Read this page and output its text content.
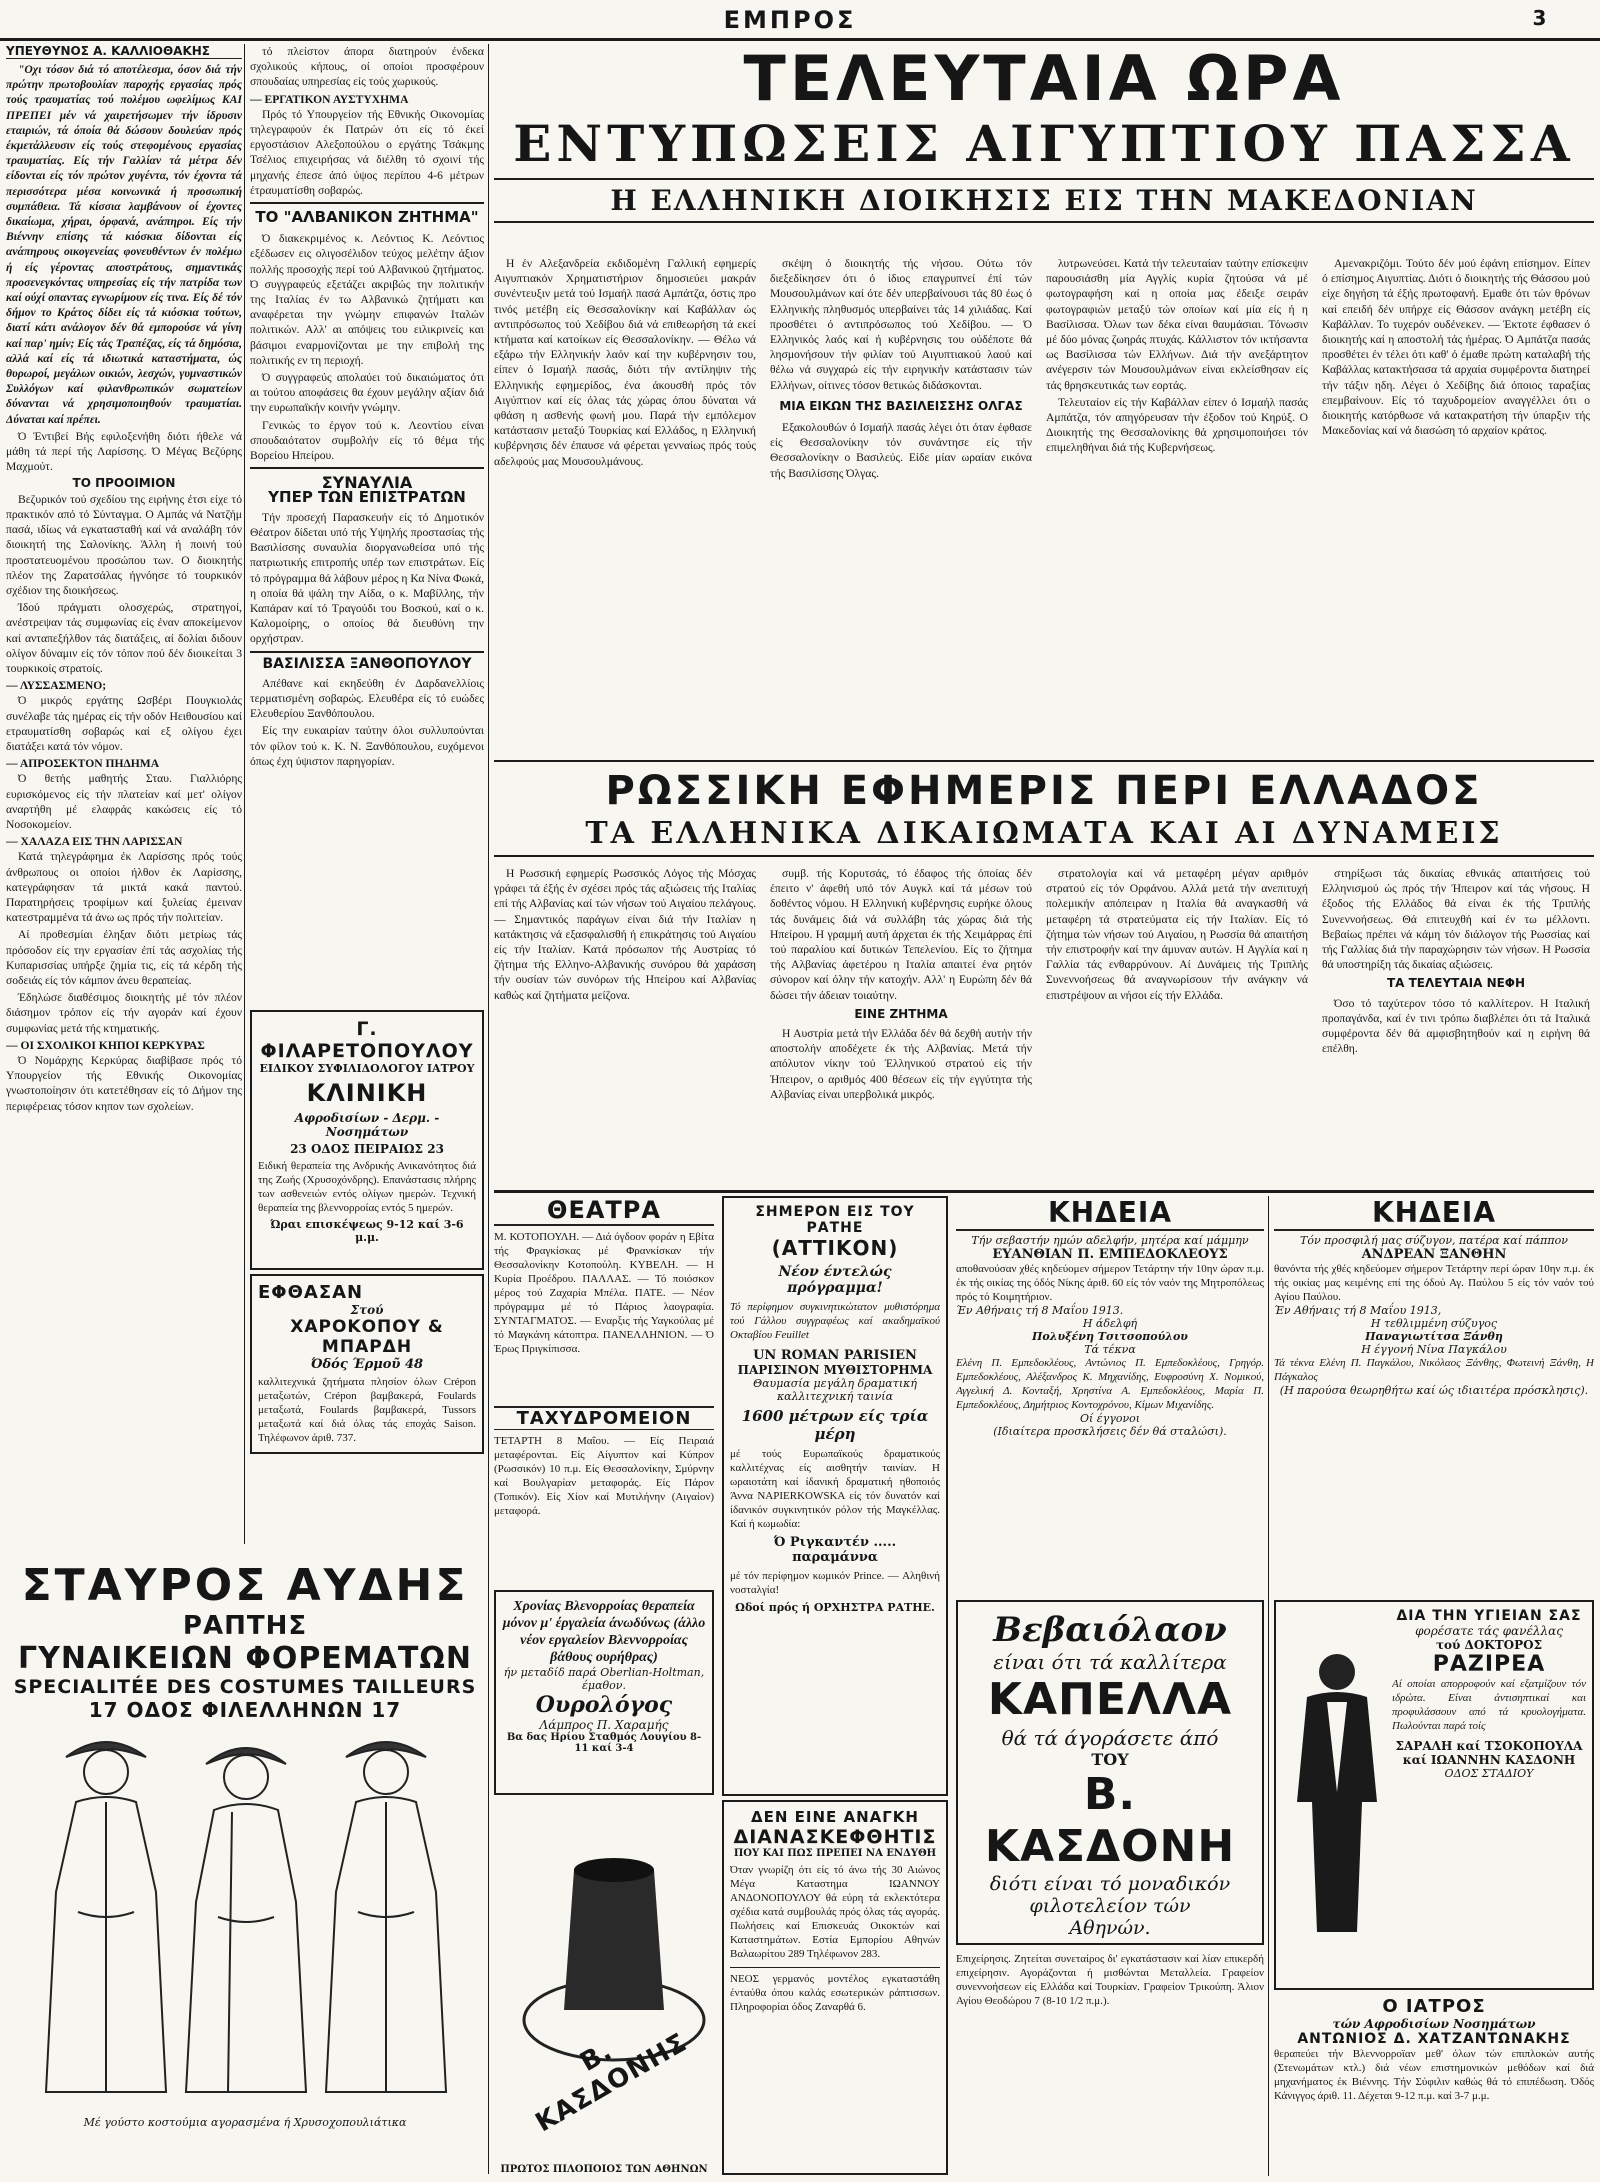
ΕΜΠΡΟΣ	3
ΥΠΕΥΘΥΝΟΣ Α. ΚΑΛΛΙΟΘΑΚΗΣ

"Οχι τόσον διά τό αποτέλεσμα, όσον διά τήν πρώτην πρωτοβουλίαν παροχής εργασίας πρός τούς τραυματίας τού πολέμου ωφελίμως ΚΑΙ ΠΡΕΠΕΙ μέν νά χαιρετήσωμεν τήν ίδρυσιν εταιριών, τά όποία θά δώσουν δουλεύαν πρός έκμετάλλευσιν είς τούς στεφομένους εργασίας τραυματίας. Είς τήν Γαλλίαν τά μέτρα δέν είδονται είς τόν πρώτον χυγέντα, τόν έχοντα τά περισσότερα μέσα κοινωνικά ή προσωπική συμπάθεια. Τά κίσσια λαμβάνουν οί έχοντες δικαίωμα, χήραι, όρφανά, ανάπηροι. Είς τήν Βιέννην επίσης τά κιόσκια δίδονται είς ανάπηρους οικογενείας φονευθέντων έν πολέμω ή είς γέροντας αποστράτους, σημαντικάς προσενεγκόντας υπηρεσίας είς τήν πατρίδα των καί ούχί οπαντας εγνωρίμουν είς τινα. Είς δέ τόν δήμον το Κράτος δίδει είς τά κιόσκια τούτων, διατί κάτι ανάλογον δέν θά εμπορούσε νά γίνη καί παρ' ημίν; Είς τάς Τραπέζας, είς τά δημόσια, αλλά καί είς τά ιδιωτικά καταστήματα, ώς θυρωροί, μεγάλων οικιών, λεσχών, γυμναστικών Συλλόγων καί φιλανθρωπικών σωματείων δύνανται νά χρησιμοποιηθούν τραυματίαι. Δύναται καί πρέπει.

Ό Έντιβεί Βής εφιλοξενήθη διότι ήθελε νά μάθη τά περί τής Λαρίσσης. Ό Μέγας Βεζύρης Μαχμούτ.

ΤΟ ΠΡΟΟΙΜΙΟΝ

Βεζυρικόν τού σχεδίου της ειρήνης έτσι είχε τό πρακτικόν από τό Σύνταγμα. Ο Αμπάς νά Νατζήμ πασά, ιδίως νά εγκατασταθή καί νά αναλάβη τόν διοικητή της Σαλονίκης. Άλλη ή ποινή τού προστατευομένου προσώπου των. Ο διοικητής πλέον της Ζαρατσάλας ήγνόησε τό τουρκικόν σχέδιον της διοικήσεως.

Ίδού πράγματι ολοσχερώς, στρατηγοί, ανέστρεψαν τάς συμφωνίας είς έναν αποκείμενον καί ανταπεξήλθον τάς διατάξεις, αί δολίαι διδουν ολίγον δύναμιν είς τόν τόπον πού δέν διοικείται 3 τουρκικοίς στρατοίς.

— ΛΥΣΣΑΣΜΕΝΟ;

Ό μικρός εργάτης Ωσβέρι Πουγκιολάς συνέλαβε τάς ημέρας είς τήν οδόν Ηειθουσίου καί ετραυματίσθη σοβαρώς καί εξ ολίγου έχει διατάξει κατά τόν νόμον.

— ΑΠΡΟΣΕΚΤΟΝ ΠΗΔΗΜΑ

Ό θετής μαθητής Σταυ. Γιαλλιόρης ευρισκόμενος είς τήν πλατείαν καί μετ' ολίγον αναρτήθη μέ ελαφράς κακώσεις είς τό Νοσοκομείον.

— ΧΑΛΑΖΑ ΕΙΣ ΤΗΝ ΛΑΡΙΣΣΑΝ

Κατά τηλεγράφημα έκ Λαρίσσης πρός τούς άνθρωπους οι οποίοι ήλθον έκ Λαρίσσης, κατεγράφησαν τά μικτά κακά παντού. Παρατηρήσεις τροφίμων καί ξυλείας έμειναν κατεστραμμένα τά άνω ως πρός τήν πολιτείαν.

Αί προθεσμίαι έληξαν διότι μετρίως τάς πρόσοδον είς την εργασίαν έπί τάς ασχολίας τής Κυπαρισσίας υπήρξε ζημία τις, είς τά κέρδη τής σοδειάς είς τόν κάμπον άνευ θεραπείας.

Έδηλώσε διαθέσιμος διοικητής μέ τόν πλέον διάσημον τρόπον είς τήν αγοράν καί έχουν συμφωνίας μετά τής κτηματικής.

— ΟΙ ΣΧΟΛΙΚΟΙ ΚΗΠΟΙ ΚΕΡΚΥΡΑΣ

Ό Νομάρχης Κερκύρας διαβίβασε πρός τό Υπουργείον τής Εθνικής Οικονομίας γνωστοποίησιν ότι κατετέθησαν είς τό Δήμον της περιφέρειας τόσον κηπον των σχολείων.

τό πλείστον άπορα διατηρούν ένδεκα σχολικούς κήπους, οί οποίοι προσφέρουν σπουδαίας υπηρεσίας είς τούς χωρικούς.

— ΕΡΓΑΤΙΚΟΝ ΑΥΣΤΥΧΗΜΑ

Πρός τό Υπουργείον τής Εθνικής Οικονομίας τηλεγραφούν έκ Πατρών ότι είς τό έκεί εργοστάσιον Αλεξοπούλου ο εργάτης Τσάκμης Τσέλιος επιχειρήσας νά διέλθη τό σχοινί τής μηχανής έπεσε άπό ύψος περίπου 4-6 μέτρων έτραυματίσθη σοβαρώς.

ΤΟ "ΑΛΒΑΝΙΚΟΝ ΖΗΤΗΜΑ"

Ό διακεκριμένος κ. Λεόντιος Κ. Λεόντιος εξέδωσεν εις ολιγοσέλιδον τεύχος μελέτην άξιον πολλής προσοχής περί τού Αλβανικού ζητήματος. Ό συγγραφεύς εξετάζει ακριβώς την πολιτικήν της Ιταλίας έν τω Αλβανικώ ζητήματι και αναφέρεται την γνώμην επιφανών Ιταλών πολιτικών. Αλλ' αι απόψεις του ειλικρινείς και βάσιμοι εναρμονίζονται με την επιβολή της πολιτικής εν τη περιοχή.

Ό συγγραφεύς απολαύει τού δικαιώματος ότι αι τούτου αποφάσεις θα έχουν μεγάλην αξίαν διά την ευρωπαϊκήν κοινήν γνώμην.

Γενικώς το έργον τού κ. Λεοντίου είναι σπουδαιότατον συμβολήν είς τό θέμα τής Βορείου Ηπείρου.

ΣΥΝΑΥΛΙΑ
ΥΠΕΡ ΤΩΝ ΕΠΙΣΤΡΑΤΩΝ

Τήν προσεχή Παρασκευήν είς τό Δημοτικόν Θέατρον δίδεται υπό τής Υψηλής προστασίας τής Βασιλίσσης συναυλία διοργανωθείσα υπό τής πατριωτικής επιτροπής υπέρ των επιστράτων. Είς τό πρόγραμμα θά λάβουν μέρος η Κα Νίνα Φωκά, η οποία θά ψάλη την Αίδα, ο κ. Μαβίλλης, τήν Καπάραν καί τό Τραγούδι του Βοσκού, καί ο κ. Καλομοίρης, ο οποίος θά διευθύνη την ορχήστραν.

ΒΑΣΙΛΙΣΣΑ ΞΑΝΘΟΠΟΥΛΟΥ

Απέθανε καί εκηδεύθη έν Δαρδανελλίοις τερματισμένη σοβαρώς. Ελευθέρα είς τό ευώδες Ελευθερίου Ξανθόπουλου.

Είς την ευκαιρίαν ταύτην όλοι συλλυπούνται τόν φίλον τού κ. Κ. Ν. Ξανθόπουλου, ευχόμενοι όπως έχη ύψιστον παρηγορίαν.

Γ. ΦΙΛΑΡΕΤΟΠΟΥΛΟΥ
ΕΙΔΙΚΟΥ ΣΥΦΙΛΙΔΟΛΟΓΟΥ ΙΑΤΡΟΥ
ΚΛΙΝΙΚΗ
Αφροδισίων - Δερμ. - Νοσημάτων
23 ΟΔΟΣ ΠΕΙΡΑΙΩΣ 23
Ειδική θεραπεία της Ανδρικής Ανικανότητος διά της Ζωής (Χρυσοχόνδρης). Επανάστασις πλήρης των ασθενειών εντός ολίγων ημερών. Τεχνική θεραπεία της βλεννορροίας εντός 5 ημερών.
Ώραι επισκέψεως 9-12 καί 3-6 μ.μ.
ΕΦΘΑΣΑΝ
Στού
ΧΑΡΟΚΟΠΟΥ & ΜΠΑΡΔΗ
Όδός Έρμοῦ 48
καλλιτεχνικά ζητήματα πλησίον όλων Crépon μεταξωτών, Crépon βαμβακερά, Foulards μεταξωτά, Foulards βαμβακερά, Tussors μεταξωτά καί διά όλας τάς εποχάς Saison. Τηλέφωνον άριθ. 737.
ΣΤΑΥΡΟΣ ΑΥΔΗΣ
ΡΑΠΤΗΣ
ΓΥΝΑΙΚΕΙΩΝ ΦΟΡΕΜΑΤΩΝ
SPECIALITÉE DES COSTUMES TAILLEURS
17 ΟΔΟΣ ΦΙΛΕΛΛΗΝΩΝ 17
Μέ γούστο κοστούμια αγορασμένα ή Χρυσοχοπουλιάτικα
ΤΕΛΕΥΤΑΙΑ ΩΡΑ
ΕΝΤΥΠΩΣΕΙΣ ΑΙΓΥΠΤΙΟΥ ΠΑΣΣΑ
Η ΕΛΛΗΝΙΚΗ ΔΙΟΙΚΗΣΙΣ ΕΙΣ ΤΗΝ ΜΑΚΕΔΟΝΙΑΝ

Η έν Αλεξανδρεία εκδιδομένη Γαλλική εφημερίς Αιγυπτιακόν Χρηματιστήριον δημοσιεύει μακράν συνέντευξιν μετά τού Ισμαήλ πασά Αμπάτζα, όστις προ τινός μετέβη είς Θεσσαλονίκην καί Καβάλλαν ώς αντιπρόσωπος τού Χεδίβου διά νά επιθεωρήση τά εκεί κτήματα καί κατοίκων είς Θεσσαλονίκην. — Θέλω νά εξάρω τήν Ελληνικήν λαόν καί την κυβέρνησιν του, είπεν ό Ισμαήλ πασάς, διότι τήν αντίληψιν τής Ελληνικής εφημερίδος, ένα άκουσθή πρός τόν Αιγύπτιον καί είς όλας τάς χώρας όπου δύναται νά φθάση η ασθενής φωνή μου. Παρά τήν εμπόλεμον κατάστασιν μεταξύ Τουρκίας καί Ελλάδος, η Ελληνική κυβέρνησις δέν έπαυσε νά φέρεται γενναίως πρός τούς αδελφούς μας Μουσουλμάνους.

σκέψη ό διοικητής τής νήσου. Ούτω τόν διεξεδίκησεν ότι ό ίδιος επαγρυπνεί έπί τών Μουσουλμάνων καί ότε δέν υπερβαίνουσι τάς 80 έως ό Ελληνικής πληθυσμός υπερβαίνει τάς 14 χιλιάδας. Καί προσθέτει ό αντιπρόσωπος τού Χεδίβου. — Ό Ελληνικός λαός καί ή κυβέρνησις του ούδέποτε θά λησμονήσουν τήν φιλίαν τού Αιγυπτιακού λαού καί θέλω νά συγχαρώ είς τήν ειρηνικήν κατάστασιν τών Ελλήνων, οίτινες τόσον θετικώς διδάσκονται.

ΜΙΑ ΕΙΚΩΝ ΤΗΣ ΒΑΣΙΛΕΙΣΣΗΣ ΟΛΓΑΣ

Εξακολουθών ό Ισμαήλ πασάς λέγει ότι όταν έφθασε είς Θεσσαλονίκην τόν συνάντησε είς τήν Θεσσαλονίκην ο Βασιλεύς. Είδε μίαν ωραίαν εικόνα τής Βασιλίσσης Όλγας.

λυτρωνεύσει. Κατά τήν τελευταίαν ταύτην επίσκεψιν παρουσιάσθη μία Αγγλίς κυρία ζητούσα νά μέ φωτογραφήση καί η οποία μας έδειξε σειράν φωτογραφιών μεταξύ τών οποίων καί μία είς ή η Βασίλισσα. Όλων των δέκα είναι θαυμάσιαι. Τόνωσιν μέ δύο μόνας ζωηράς πτυχάς. Κάλλιστον τόν ικτήσαντα ως Βασίλισσα τών Ελλήνων. Διά τήν ανεξάρτητον ανέγερσιν τών Μουσουλμάνων είναι εκλείσθησαν είς τάς θρησκευτικάς των εορτάς.

Τελευταίον είς τήν Καβάλλαν είπεν ό Ισμαήλ πασάς Αμπάτζα, τόν απηγόρευσαν τήν έξοδον τού Κηρύξ. Ο Διοικητής της Θεσσαλονίκης θά χρησιμοποιήσει τόν επιμεληθήναι διά τής Κυβερνήσεως.

Αμενακριζόμι. Τούτο δέν μού έφάνη επίσημον. Είπεν ό επίσημος Αιγυπτίας. Διότι ό διοικητής τής Θάσσου μού είχε δηγήση τά έξής πρωτοφανή. Εμαθε ότι τών θρόνων καί επειδή δέν υπήρχε είς Θάσσον ανάγκη μετέβη είς Καβάλλαν. Το τυχερόν ουδένεκεν. — Έκτοτε έφθασεν ό διοικητής καί η αποστολή τάς ήμέρας. Ό Αμπάτζα πασάς προσθέτει έν τέλει ότι καθ' ό έμαθε πρώτη καταλαβή τής Καβάλλας κατακτήσασα τά αρχαία συμφέροντα διατηρεί τήν τάξιν ηδη. Λέγει ό Χεδίβης διά όποιος ταραξίας επεμβαίνουν. Είς τό ταχυδρομείον αναγγέλλει ότι ο διοικητής κατόρθωσε νά κατακρατήση τήν ύπαρξιν τής Μακεδονίας καί νά διασώση τό αρχαίον κράτος.

ΡΩΣΣΙΚΗ ΕΦΗΜΕΡΙΣ ΠΕΡΙ ΕΛΛΑΔΟΣ
ΤΑ ΕΛΛΗΝΙΚΑ ΔΙΚΑΙΩΜΑΤΑ ΚΑΙ ΑΙ ΔΥΝΑΜΕΙΣ

Η Ρωσσική εφημερίς Ρωσσικός Λόγος τής Μόσχας γράφει τά έξής έν σχέσει πρός τάς αξιώσεις τής Ιταλίας επί τής Αλβανίας καί τών νήσων τού Αιγαίου πελάγους. — Σημαντικός παράγων είναι διά τήν Ιταλίαν η κατάκτησις νά εξασφαλισθή ή επικράτησις τού Αιγαίου είς τήν Ιταλίαν. Κατά πρόσωπον τής Αυστρίας τό ζήτημα τής Ελληνο-Αλβανικής συνόρου θά χαράσση τήν ουσίαν τών συνόρων τής Ηπείρου καί Αλβανίας καθώς καί ζητήματα μείζονα.

συμβ. τής Κορυτσάς, τό έδαφος τής όποίας δέν έπειτο ν' άφεθή υπό τόν Αυγκλ καί τά μέσων τού δοθέντος νόμου. Η Ελληνική κυβέρνησις ευρήκε όλους τάς δυνάμεις διά νά συλλάβη τάς χώρας διά τής Ηπείρου. Η γραμμή αυτή άρχεται έκ τής Χειμάρρας έπί τού παραλίου καί δυτικών Τεπελενίου. Είς το ζήτημα τής Αλβανίας άφετέρου η Ιταλία απαιτεί ένα ρητόν σύνορον καί όλην τήν κατοχήν. Αλλ' η Ευρώπη δέν θά δώσει τήν άδειαν τοιαύτην.

ΕΙΝΕ ΖΗΤΗΜΑ

Η Αυστρία μετά τήν Ελλάδα δέν θά δεχθή αυτήν τήν αποστολήν αποδέχετε έκ τής Αλβανίας. Μετά τήν απόλυτον νίκην τού Έλληνικού στρατού είς τήν Ήπειρον, ο αριθμός 400 θέσεων είς τήν εγγύτητα τής Αλβανίας είναι υπερβολικά μικρός.

στρατολογία καί νά μεταφέρη μέγαν αριθμόν στρατού είς τόν Ορφάνου. Αλλά μετά τήν ανεπιτυχή πολεμικήν απόπειραν η Ιταλία θά αναγκασθή νά μεταφέρη τά στρατεύματα είς τήν Ιταλίαν. Είς τό ζήτημα τών νήσων τού Αιγαίου, η Ρωσσία θά απαιτήση τήν επιστροφήν καί την άμυναν αυτών. Η Αγγλία καί η Γαλλία τάς ενθαρρύνουν. Αί Δυνάμεις τής Τριπλής Συνεννοήσεως θά αναγνωρίσουν τήν ανάγκην νά επιστρέψουν αι νήσοι είς τήν Ελλάδα.

στηρίξωσι τάς δικαίας εθνικάς απαιτήσεις τού Ελληνισμού ώς πρός τήν Ήπειρον καί τάς νήσους. Η έξοδος τής Ελλάδος θά είναι έκ τής Τριπλής Συνεννοήσεως. Θά επιτευχθή καί έν τω μέλλοντι. Βεβαίως πρέπει νά κάμη τόν διάλογον τής Ρωσσίας καί τής Γαλλίας διά τήν παραχώρησιν τών νήσων. Η Ρωσσία θά υποστηρίξη τάς δικαίας αξιώσεις.

ΤΑ ΤΕΛΕΥΤΑΙΑ ΝΕΦΗ

Όσο τό ταχύτερον τόσο τό καλλίτερον. Η Ιταλική προπαγάνδα, καί έν τινι τρόπω διαβλέπει ότι τά Ιταλικά συμφέροντα δέν θά αμφισβητηθούν καί η ειρήνη θά επέλθη.

ΘΕΑΤΡΑ
Μ. ΚΟΤΟΠΟΥΛΗ. — Διά όγδοον φοράν η Εβίτα τής Φραγκίσκας μέ Φρανκίσκαν τήν Θεσσαλονίκην Κοτοπούλη. ΚΥΒΕΛΗ. — Η Κυρία Προέδρου. ΠΑΛΛΑΣ. — Τό ποιόσκον μέρος τού Ζαχαρία Μπέλα. ΠΑΤΕ. — Νέον πρόγραμμα μέ τό Πάριος λαογραφία. ΣΥΝΤΑΓΜΑΤΟΣ. — Εναρξις τής Υαγκούλας μέ τό Μαγκάνη κάτοπτρα. ΠΑΝΕΛΛΗΝΙΟΝ. — Ό Έρως Πριγκίπισσα.
ΤΑΧΥΔΡΟΜΕΙΟΝ
ΤΕΤΑΡΤΗ 8 Μαΐου. — Είς Πειραιά μεταφέρονται. Είς Αίγυπτον καί Κύπρον (Ρωσσικόν) 10 π.μ. Είς Θεσσαλονίκην, Σμύρνην καί Βουλγαρίαν μεταφοράς. Είς Πάρον (Τοπικόν). Είς Χίον καί Μυτιλήνην (Αιγαίον) μεταφορά.
ΣΗΜΕΡΟΝ ΕΙΣ ΤΟΥ ΡΑΤΗΕ
(ΑΤΤΙΚΟΝ)
Νέον έντελώς πρόγραμμα!
Τό περίφημον συγκινητικώτατον μυθιστόρημα τού Γάλλου συγγραφέως καί ακαδημαϊκού Οκταβίου Feuillet
UN ROMAN PARISIEN
ΠΑΡΙΣΙΝΟΝ ΜΥΘΙΣΤΟΡΗΜΑ
Θαυμασία μεγάλη δραματική καλλιτεχνική ταινία
1600 μέτρων είς τρία μέρη
μέ τούς Ευρωπαϊκούς δραματικούς καλλιτέχνας είς αισθητήν ταινίαν. Η ωραιοτάτη καί ίδανική δραματική ηθοποιός Άννα NAPIERKOWSKA είς τόν δυνατόν καί ίδανικόν συγκινητικόν ρόλον τής Μαγκέλλας. Καί ή κωμωδία:
Ό Ριγκαντέν ..... παραμάννα
μέ τόν περίφημον κωμικόν Prince. — Αληθινή νοσταλγία!
Ωδοί πρός ή ΟΡΧΗΣΤΡΑ ΡΑΤΗΕ.
Χρονίας Βλενορροίας θεραπεία μόνον μ' έργαλεία άνωδύνως (άλλο νέον εργαλείον Βλεννορροίας βάθους ουρήθρας)
ήν μεταδίδ παρά Oberlian-Holtman, έμαθον.
Ουρολόγος
Λάμπρος Π. Χαραμής
Βα δας Ηρίου Σταθμός Λουγίου 8-11 καί 3-4
Β. ΚΑΣΔΟΝΗΣ
ΠΡΩΤΟΣ ΠΙΛΟΠΟΙΟΣ ΤΩΝ ΑΘΗΝΩΝ
ΔΕΝ ΕΙΝΕ ΑΝΑΓΚΗ
ΔΙΑΝΑΣΚΕΦΘΗΤΙΣ
ΠΟΥ ΚΑΙ ΠΩΣ ΠΡΕΠΕΙ ΝΑ ΕΝΔΥΘΗ
Όταν γνωρίζη ότι είς τό άνω τής 30 Αιώνος Μέγα Καταστημα ΙΩΑΝΝΟΥ ΑΝΔΟΝΟΠΟΥΛΟΥ θά εύρη τά εκλεκτότερα σχέδια κατά συμβουλάς πρός όλας τάς αγοράς. Πωλήσεις καί Επισκευάς Οικοκτών καί Καταστημάτων. Εστία Εμπορίου Αθηνών Βαλαωρίτου 289 Τηλέφωνον 283.
ΝΕΟΣ γερμανός μοντέλος εγκαταστάθη ένταύθα όπου καλάς εσωτερικών ράπτισσων. Πληροφορίαι όδος Ζαναρθά 6.
ΚΗΔΕΙΑ
Τήν σεβαστήν ημών αδελφήν, μητέρα καί μάμμην
ΕΥΑΝΘΙΑΝ Π. ΕΜΠΕΔΟΚΛΕΟΥΣ
αποθανούσαν χθές κηδεύομεν σήμερον Τετάρτην τήν 10ην ώραν π.μ. έκ τής οικίας της όδός Νίκης άριθ. 60 είς τόν ναόν της Μητροπόλεως πρός τό Κοιμητήριον.
Έν Αθήναις τή 8 Μαΐου 1913.
Η άδελφή
Πολυξένη Τσιτσοπούλου
Τά τέκνα
Ελένη Π. Εμπεδοκλέους, Αντώνιος Π. Εμπεδοκλέους, Γρηγόρ. Εμπεδοκλέους, Αλέξανδρος Κ. Μηχανίδης, Ευφροσύνη Χ. Νομικού, Αγγελική Δ. Κονταξή, Χρηστίνα Α. Εμπεδοκλέους, Μαρία Π. Εμπεδοκλέους, Δημήτριος Κοντοχρόνου, Κίμων Μιχανίδης.
Οί έγγονοι
(Ιδιαίτερα προσκλήσεις δέν θά σταλώσι).
ΚΗΔΕΙΑ
Τόν προσφιλή μας σύζυγον, πατέρα καί πάππον
ΑΝΔΡΕΑΝ ΞΑΝΘΗΝ
θανόντα τής χθές κηδεύομεν σήμερον Τετάρτην περί ώραν 10ην π.μ. έκ τής οικίας μας κειμένης επί της όδού Αγ. Παύλου 5 είς τόν ναόν τού Αγίου Παύλου.
Έν Αθήναις τή 8 Μαΐου 1913,
Η τεθλιμμένη σύζυγος
Παναγιωτίτσα Ξάνθη
Η έγγονή Νίνα Παγκάλου
Τά τέκνα Ελένη Π. Παγκάλου, Νικόλαος Ξάνθης, Φωτεινή Ξάνθη, Η Πάγκαλος
(Η παρούσα θεωρηθήτω καί ώς ιδιαιτέρα πρόσκλησις).
Βεβαιόλαον
είναι ότι τά καλλίτερα
ΚΑΠΕΛΛΑ
θά τά άγοράσετε άπό
ΤΟΥ
Β. ΚΑΣΔΟΝΗ
διότι είναι τό μοναδικόν
φιλοτελείον τών
Αθηνών.
Επιχείρησις. Ζητείται συνεταίρος δι' εγκατάστασιν καί λίαν επικερδή επιχείρησιν. Αγοράζονται ή μισθώνται Μεταλλεία. Γραφείον συνεννοήσεων είς Ελλάδα καί Τουρκίαν. Γραφείον Τρικούπη. Άλιον Αγίου Θεοδώρου 7 (8-10 1/2 π.μ.).
ΔΙΑ ΤΗΝ ΥΓΙΕΙΑΝ ΣΑΣ
φορέσατε τάς φανέλλας
τού ΔΟΚΤΟΡΟΣ
ΡΑΖΙΡΕΑ
Αί οποίαι απορροφούν καί εξατμίζουν τόν ιδρώτα. Είναι άντισηπτικαί και προφυλάσσουν από τά κρυολογήματα. Πωλούνται παρά τοίς
ΣΑΡΑΛΗ καί ΤΣΟΚΟΠΟΥΛΑ καί ΙΩΑΝΝΗΝ ΚΑΣΔΟΝΗ
ΟΔΟΣ ΣΤΑΔΙΟΥ
Ο ΙΑΤΡΟΣ
τών Αφροδισίων Νοσημάτων
ΑΝΤΩΝΙΟΣ Δ. ΧΑΤΖΑΝΤΩΝΑΚΗΣ
θεραπεύει τήν Βλεννορροϊαν μεθ' όλων τών επιπλοκών αυτής (Στενωμάτων κτλ.) διά νέων επιστημονικών μεθόδων καί διά μηχανήματος έκ Βιέννης. Τήν Σύφιλιν καθώς θά τό επιπέδωση. Όδός Κάνιγγος άριθ. 11. Δέχεται 9-12 π.μ. καί 3-7 μ.μ.
